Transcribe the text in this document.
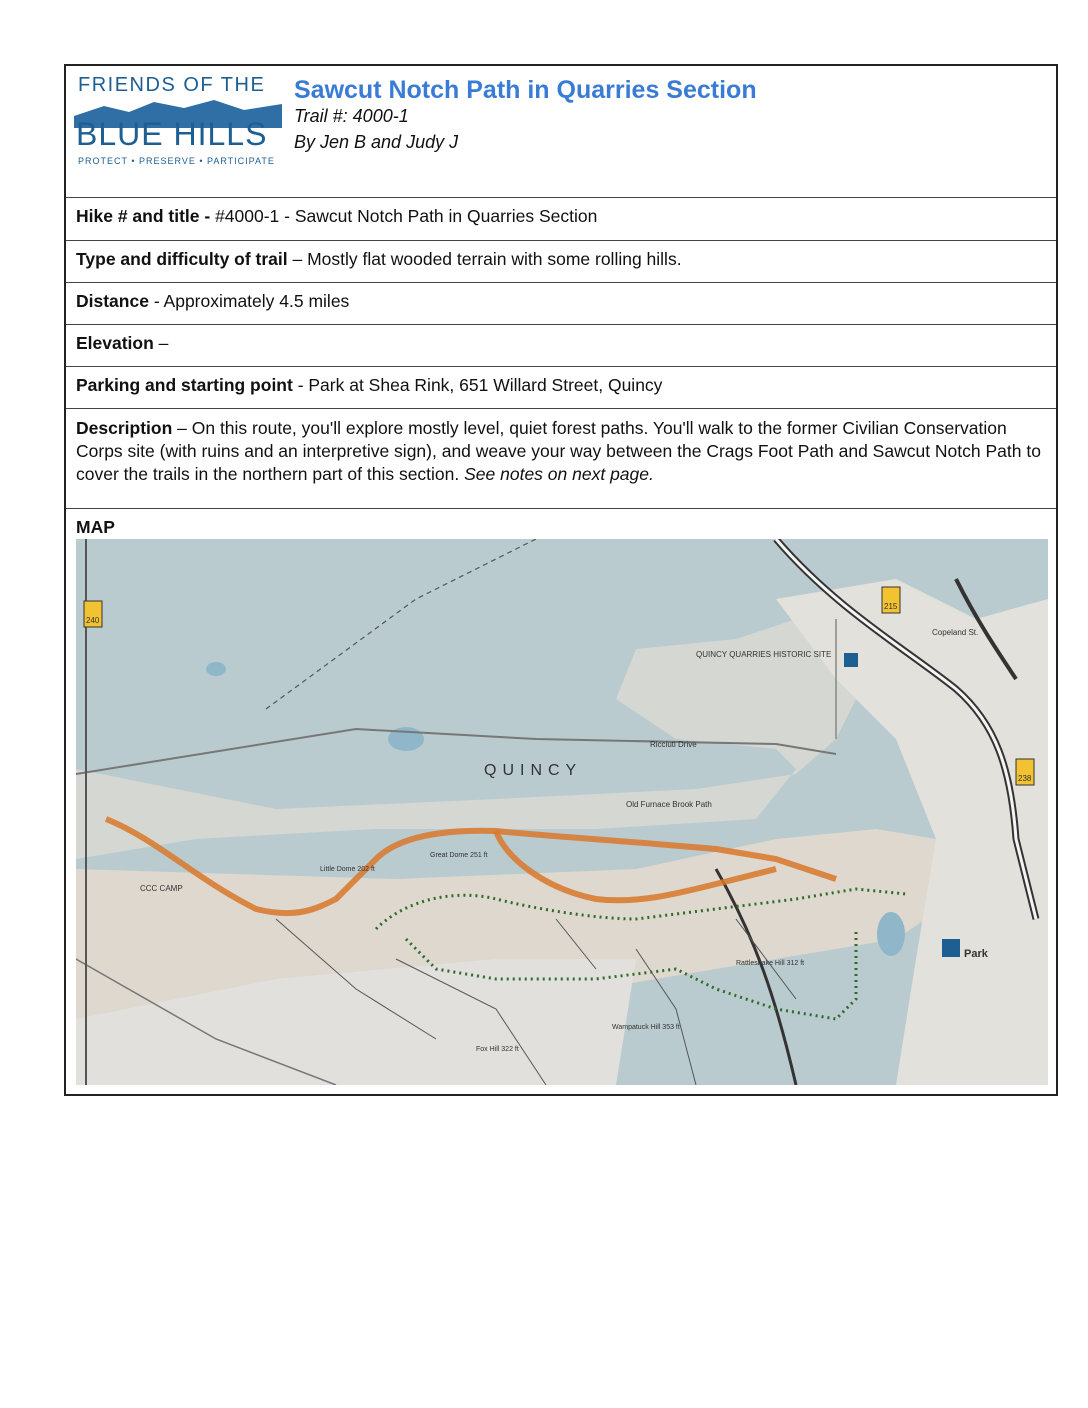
FRIENDS OF THE
BLUE HILLS
PROTECT • PRESERVE • PARTICIPATE
Sawcut Notch Path in Quarries Section
Trail #: 4000-1
By Jen B and Judy J
Hike # and title - #4000-1 - Sawcut Notch Path in Quarries Section
Type and difficulty of trail – Mostly flat wooded terrain with some rolling hills.
Distance - Approximately 4.5 miles
Elevation –
Parking and starting point - Park at Shea Rink, 651 Willard Street, Quincy
Description – On this route, you'll explore mostly level, quiet forest paths. You'll walk to the former Civilian Conservation Corps site (with ruins and an interpretive sign), and weave your way between the Crags Foot Path and Sawcut Notch Path to cover the trails in the northern part of this section. See notes on next page.
MAP
240
215
238
QUINCY
QUINCY QUARRIES HISTORIC SITE
Ricciuti Drive
Copeland St.
Park
Great Dome 251 ft
Little Dome 202 ft
CCC CAMP
Rattlesnake Hill 312 ft
Wampatuck Hill 353 ft
Fox Hill 322 ft
Old Furnace Brook Path
